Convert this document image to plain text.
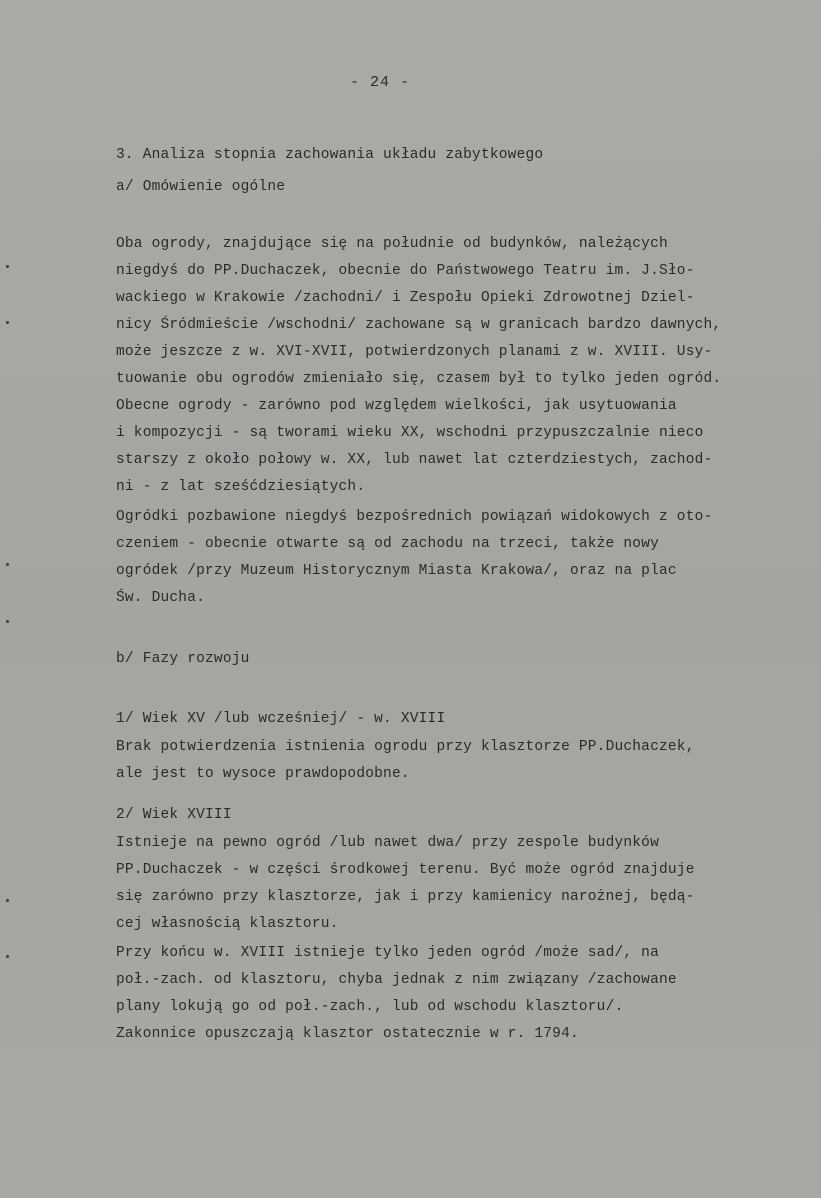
- 24 -
3. Analiza stopnia zachowania układu zabytkowego
a/ Omówienie ogólne
Oba ogrody, znajdujące się na południe od budynków, należących
niegdyś do PP.Duchaczek, obecnie do Państwowego Teatru im. J.Sło-
wackiego w Krakowie /zachodni/ i Zespołu Opieki Zdrowotnej Dziel-
nicy Śródmieście /wschodni/ zachowane są w granicach bardzo dawnych,
może jeszcze z w. XVI-XVII, potwierdzonych planami z w. XVIII. Usy-
tuowanie obu ogrodów zmieniało się, czasem był to tylko jeden ogród.
Obecne ogrody - zarówno pod względem wielkości, jak usytuowania
i kompozycji - są tworami wieku XX, wschodni przypuszczalnie nieco
starszy z około połowy w. XX, lub nawet lat czterdziestych, zachod-
ni - z lat sześćdziesiątych.
Ogródki pozbawione niegdyś bezpośrednich powiązań widokowych z oto-
czeniem - obecnie otwarte są od zachodu na trzeci, także nowy
ogródek /przy Muzeum Historycznym Miasta Krakowa/, oraz na plac
Św. Ducha.
b/ Fazy rozwoju
1/ Wiek XV /lub wcześniej/ - w. XVIII
Brak potwierdzenia istnienia ogrodu przy klasztorze PP.Duchaczek,
ale jest to wysoce prawdopodobne.
2/ Wiek XVIII
Istnieje na pewno ogród /lub nawet dwa/ przy zespole budynków
PP.Duchaczek - w części środkowej terenu. Być może ogród znajduje
się zarówno przy klasztorze, jak i przy kamienicy narożnej, będą-
cej własnością klasztoru.
Przy końcu w. XVIII istnieje tylko jeden ogród /może sad/, na
poł.-zach. od klasztoru, chyba jednak z nim związany /zachowane
plany lokują go od poł.-zach., lub od wschodu klasztoru/.
Zakonnice opuszczają klasztor ostatecznie w r. 1794.
